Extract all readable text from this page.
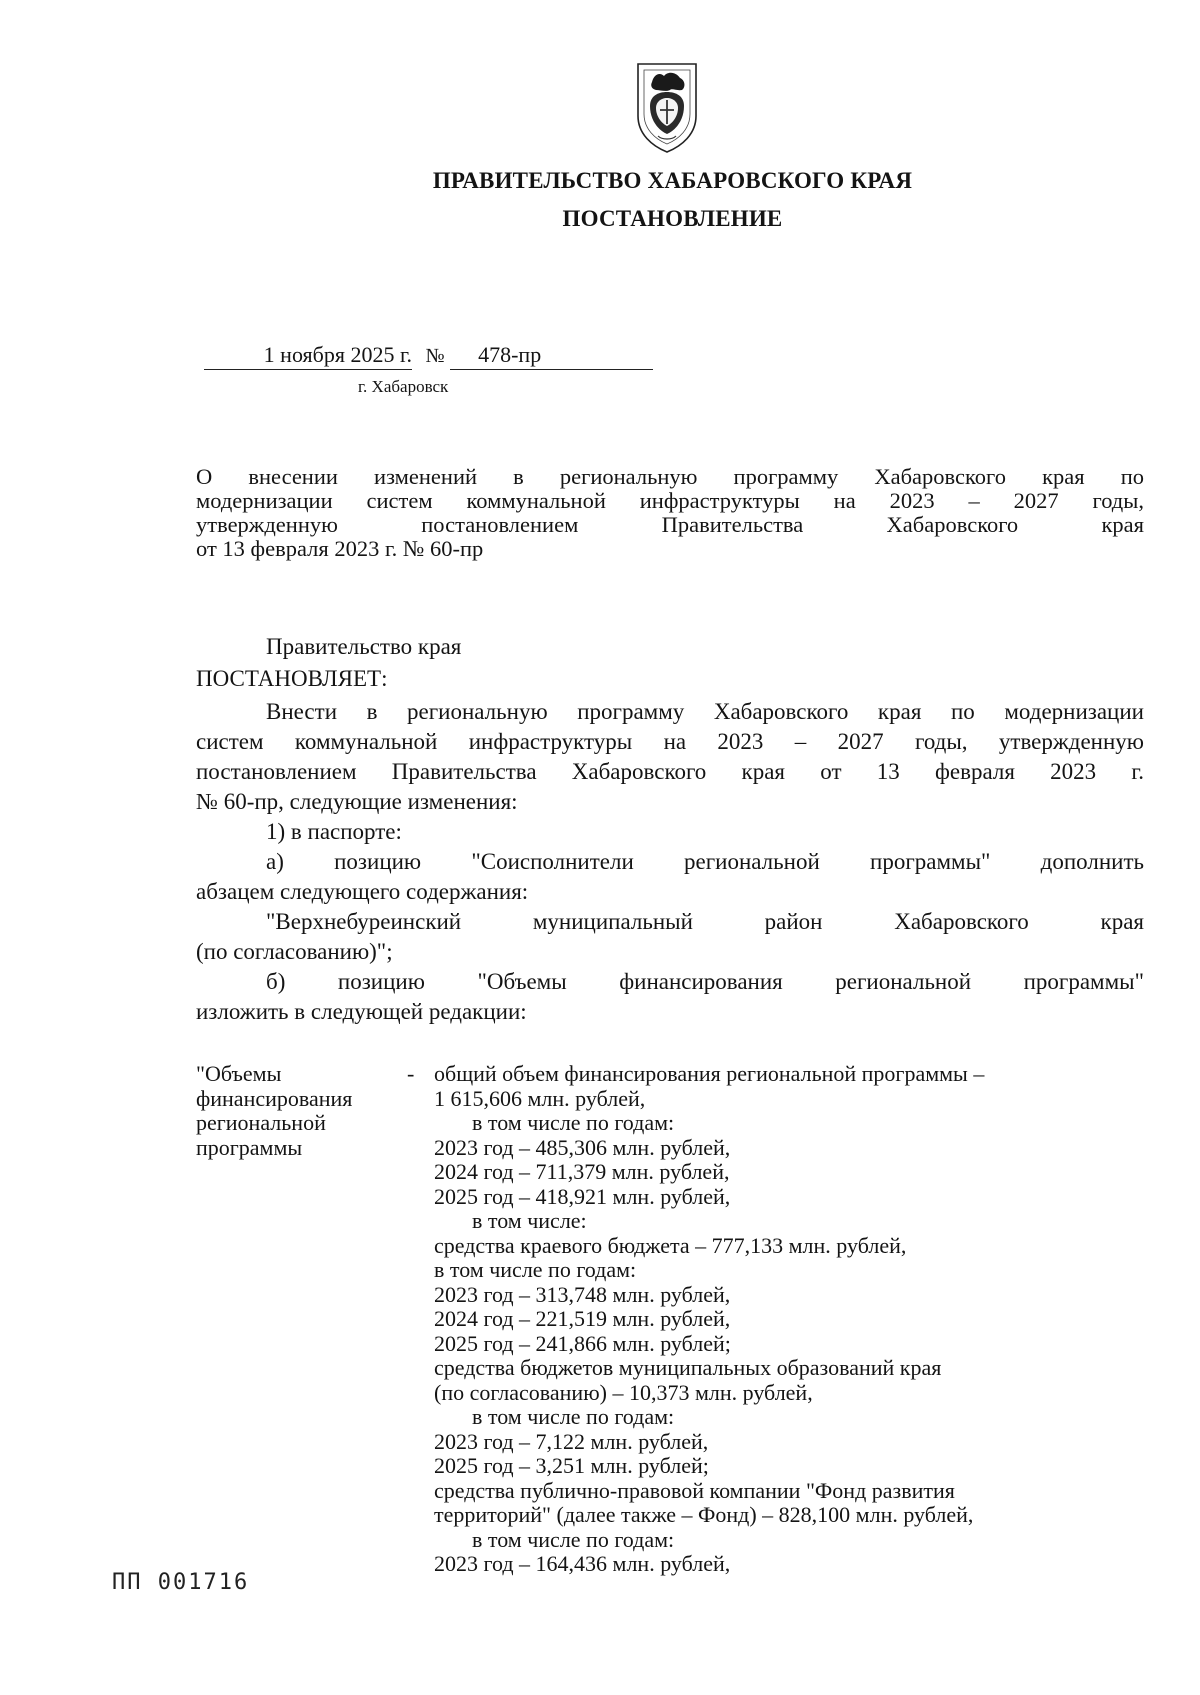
ПРАВИТЕЛЬСТВО ХАБАРОВСКОГО КРАЯ
ПОСТАНОВЛЕНИЕ
1 ноября 2025 г. № 478-пр
г. Хабаровск
О внесении изменений в региональную программу Хабаровского края по
модернизации систем коммунальной инфраструктуры на 2023 – 2027 годы,
утвержденную постановлением Правительства Хабаровского края
от 13 февраля 2023 г. № 60-пр
Правительство края
ПОСТАНОВЛЯЕТ:

Внести в региональную программу Хабаровского края по модернизации

систем коммунальной инфраструктуры на 2023 – 2027 годы, утвержденную

постановлением Правительства Хабаровского края от 13 февраля 2023 г.

№ 60-пр, следующие изменения:

1) в паспорте:

а) позицию "Соисполнители региональной программы" дополнить

абзацем следующего содержания:

"Верхнебуреинский муниципальный район Хабаровского края

(по согласованию)";

б) позицию "Объемы финансирования региональной программы"

изложить в следующей редакции:

"Объемы
финансирования
региональной
программы
- общий объем финансирования региональной программы –
1 615,606 млн. рублей,
в том числе по годам:
2023 год – 485,306 млн. рублей,
2024 год – 711,379 млн. рублей,
2025 год – 418,921 млн. рублей,
в том числе:
средства краевого бюджета – 777,133 млн. рублей,
в том числе по годам:
2023 год – 313,748 млн. рублей,
2024 год – 221,519 млн. рублей,
2025 год – 241,866 млн. рублей;
средства бюджетов муниципальных образований края
(по согласованию) – 10,373 млн. рублей,
в том числе по годам:
2023 год – 7,122 млн. рублей,
2025 год – 3,251 млн. рублей;
средства публично-правовой компании "Фонд развития
территорий" (далее также – Фонд) – 828,100 млн. рублей,
в том числе по годам:
2023 год – 164,436 млн. рублей,
ПП 001716
